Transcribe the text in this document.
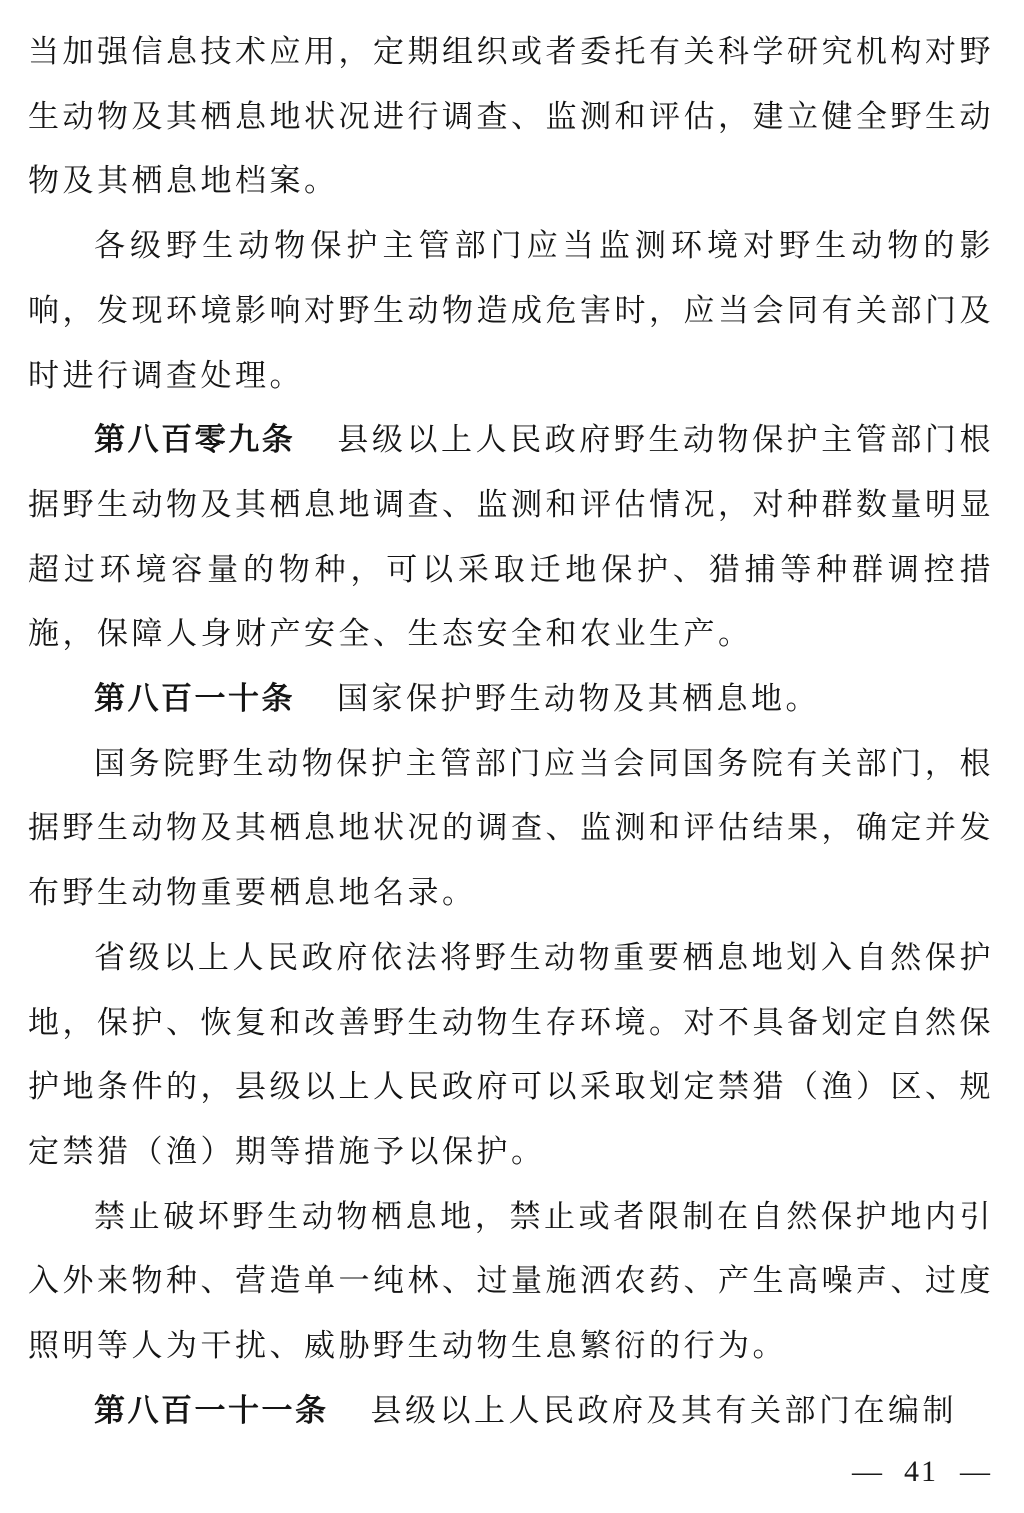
当加强信息技术应用，定期组织或者委托有关科学研究机构对野生动物及其栖息地状况进行调查、监测和评估，建立健全野生动物及其栖息地档案。

各级野生动物保护主管部门应当监测环境对野生动物的影响，发现环境影响对野生动物造成危害时，应当会同有关部门及时进行调查处理。

第八百零九条 县级以上人民政府野生动物保护主管部门根据野生动物及其栖息地调查、监测和评估情况，对种群数量明显超过环境容量的物种，可以采取迁地保护、猎捕等种群调控措施，保障人身财产安全、生态安全和农业生产。

第八百一十条 国家保护野生动物及其栖息地。

国务院野生动物保护主管部门应当会同国务院有关部门，根据野生动物及其栖息地状况的调查、监测和评估结果，确定并发布野生动物重要栖息地名录。

省级以上人民政府依法将野生动物重要栖息地划入自然保护地，保护、恢复和改善野生动物生存环境。对不具备划定自然保护地条件的，县级以上人民政府可以采取划定禁猎（渔）区、规定禁猎（渔）期等措施予以保护。

禁止破坏野生动物栖息地，禁止或者限制在自然保护地内引入外来物种、营造单一纯林、过量施洒农药、产生高噪声、过度照明等人为干扰、威胁野生动物生息繁衍的行为。

第八百一十一条 县级以上人民政府及其有关部门在编制

— 41 —
